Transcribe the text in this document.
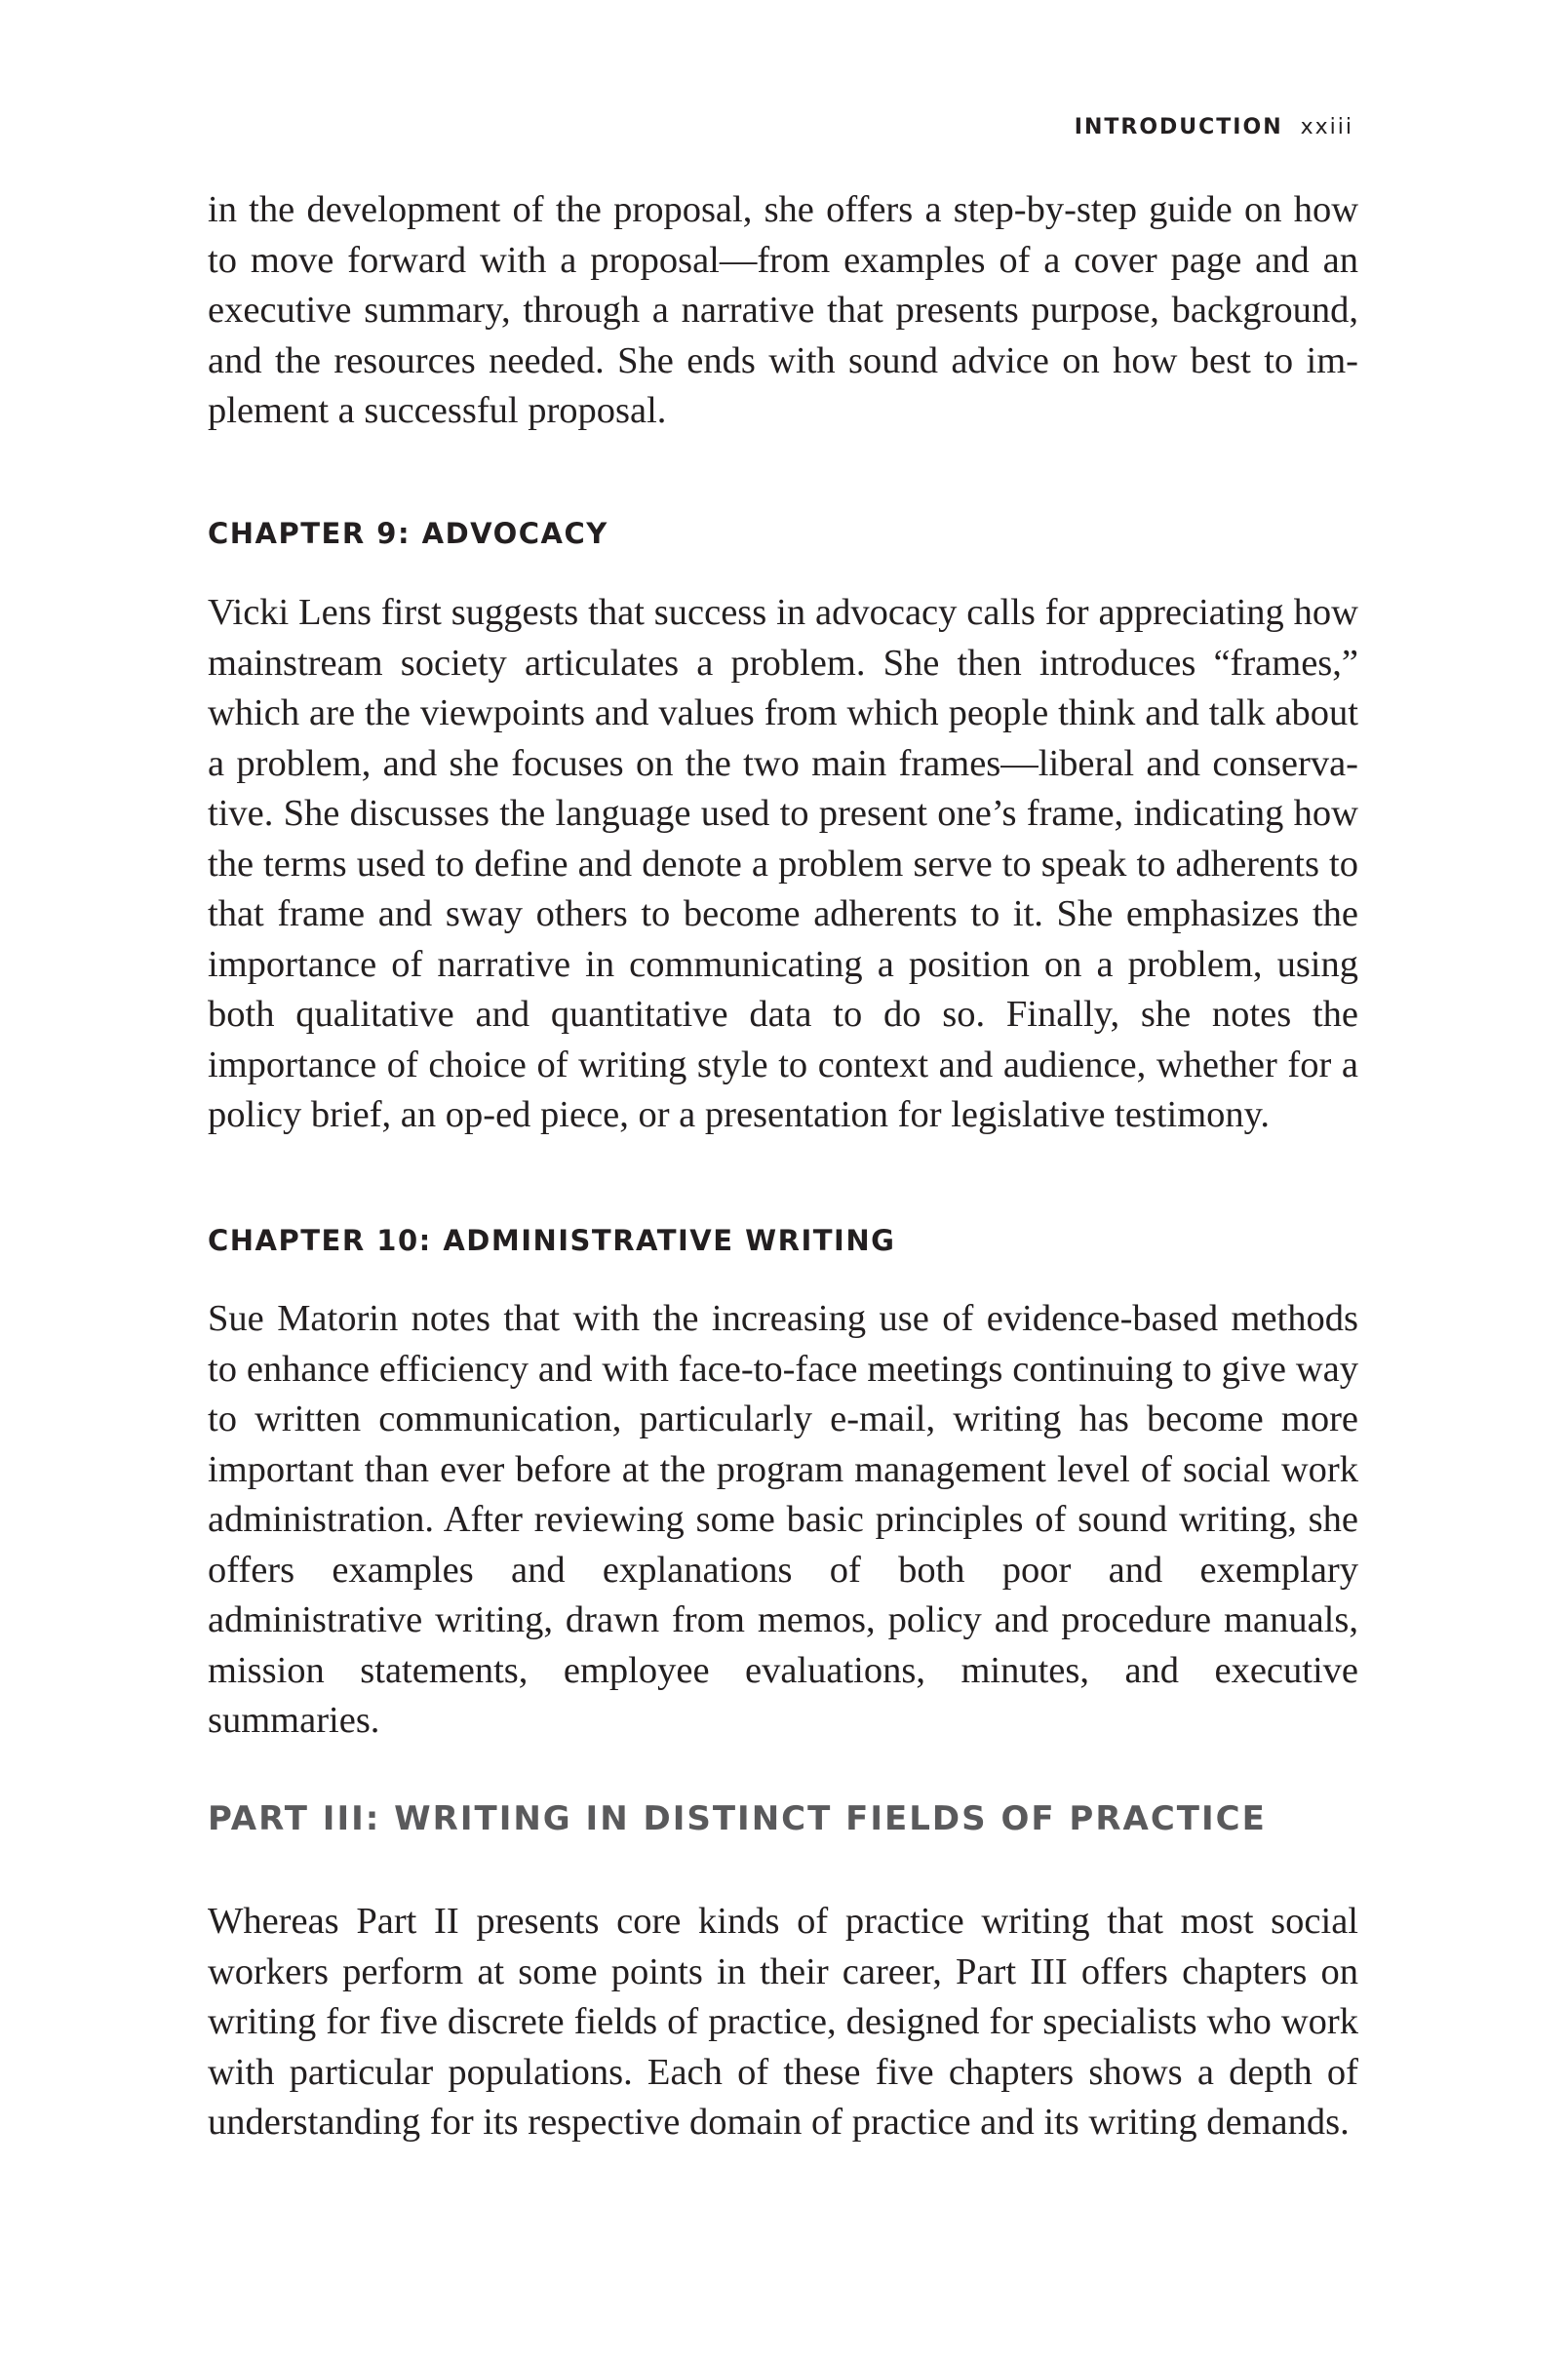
INTRODUCTION xxiii

in the development of the proposal, she offers a step-by-step guide on how to move forward with a proposal—from examples of a cover page and an executive summary, through a narrative that presents purpose, background, and the resources needed. She ends with sound advice on how best to implement a successful proposal.

CHAPTER 9: ADVOCACY

Vicki Lens first suggests that success in advocacy calls for appreciating how mainstream society articulates a problem. She then introduces “frames,” which are the viewpoints and values from which people think and talk about a problem, and she focuses on the two main frames—liberal and conservative. She discusses the language used to present one’s frame, indicating how the terms used to define and denote a problem serve to speak to adherents to that frame and sway others to become adherents to it. She emphasizes the importance of narrative in communicating a position on a problem, using both qualitative and quantitative data to do so. Finally, she notes the importance of choice of writing style to context and audience, whether for a policy brief, an op-ed piece, or a presentation for legislative testimony.

CHAPTER 10: ADMINISTRATIVE WRITING

Sue Matorin notes that with the increasing use of evidence-based methods to enhance efficiency and with face-to-face meetings continuing to give way to written communication, particularly e-mail, writing has become more important than ever before at the program management level of social work administration. After reviewing some basic principles of sound writing, she offers examples and explanations of both poor and exemplary administrative writing, drawn from memos, policy and procedure manuals, mission statements, employee evaluations, minutes, and executive summaries.

PART III: WRITING IN DISTINCT FIELDS OF PRACTICE

Whereas Part II presents core kinds of practice writing that most social workers perform at some points in their career, Part III offers chapters on writing for five discrete fields of practice, designed for specialists who work with particular populations. Each of these five chapters shows a depth of understanding for its respective domain of practice and its writing demands.
